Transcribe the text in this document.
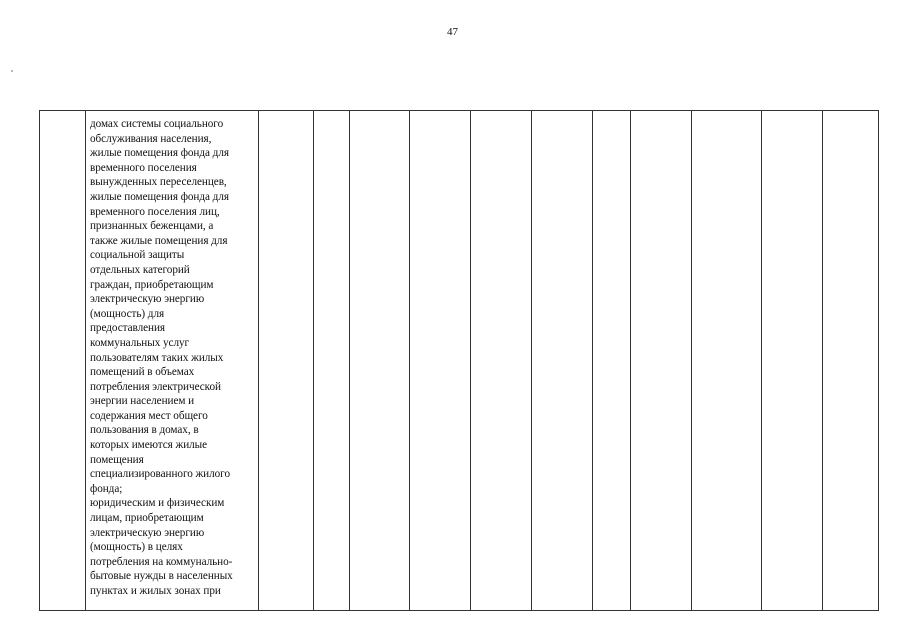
47

домах системы социального
обслуживания населения,
жилые помещения фонда для
временного поселения
вынужденных переселенцев,
жилые помещения фонда для
временного поселения лиц,
признанных беженцами, а
также жилые помещения для
социальной защиты
отдельных категорий
граждан, приобретающим
электрическую энергию
(мощность) для
предоставления
коммунальных услуг
пользователям таких жилых
помещений в объемах
потребления электрической
энергии населением и
содержания мест общего
пользования в домах, в
которых имеются жилые
помещения
специализированного жилого
фонда;
юридическим и физическим
лицам, приобретающим
электрическую энергию
(мощность) в целях
потребления на коммунально-
бытовые нужды в населенных
пунктах и жилых зонах при
